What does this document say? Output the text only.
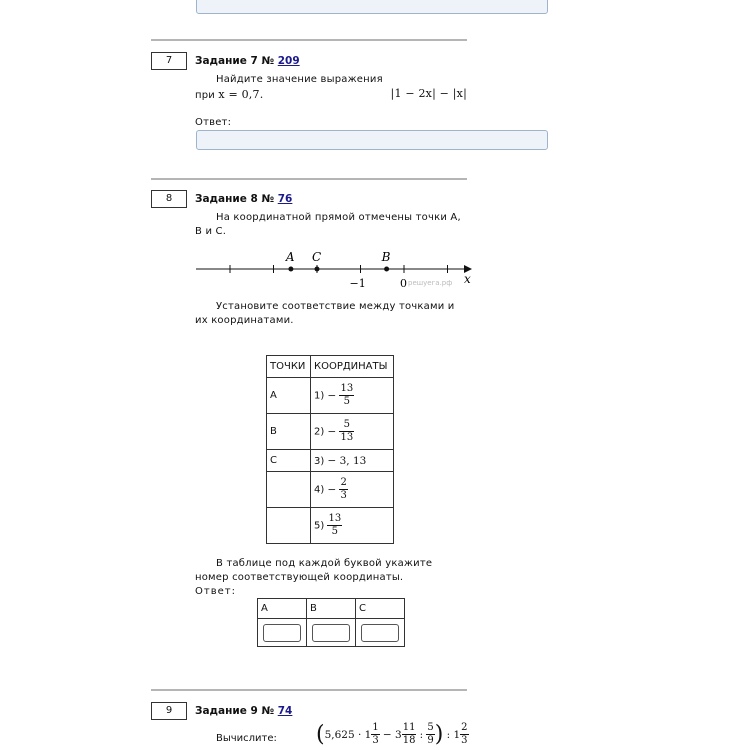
7	Задание 7 № 209
Найдите значение выражения
|1 − 2x| − |x|
при x = 0,7.
Ответ:
8	Задание 8 № 76
На координатной прямой отмечены точки A, B и C.
A C	B
−1	0	x
решуега.рф
Установите соответствие между точками и их координатами.
ТОЧКИ	КООРДИНАТЫ
A	$1) - \frac{13}{5}$

B	$2) - \frac{5}{13}$

C	3) − 3, 13
	$4) - \frac{2}{3}$

	$5) \frac{13}{5}$
В таблице под каждой буквой укажите номер соответствующей координаты.
Ответ:
A	B	C

9	Задание 9 № 74
Вычислите: ($5,625 \cdot 1 \frac{1}{3} - 3 \frac{11}{18}$ : $\frac{5}{9}$ ) : $1 \frac{2}{3}$
